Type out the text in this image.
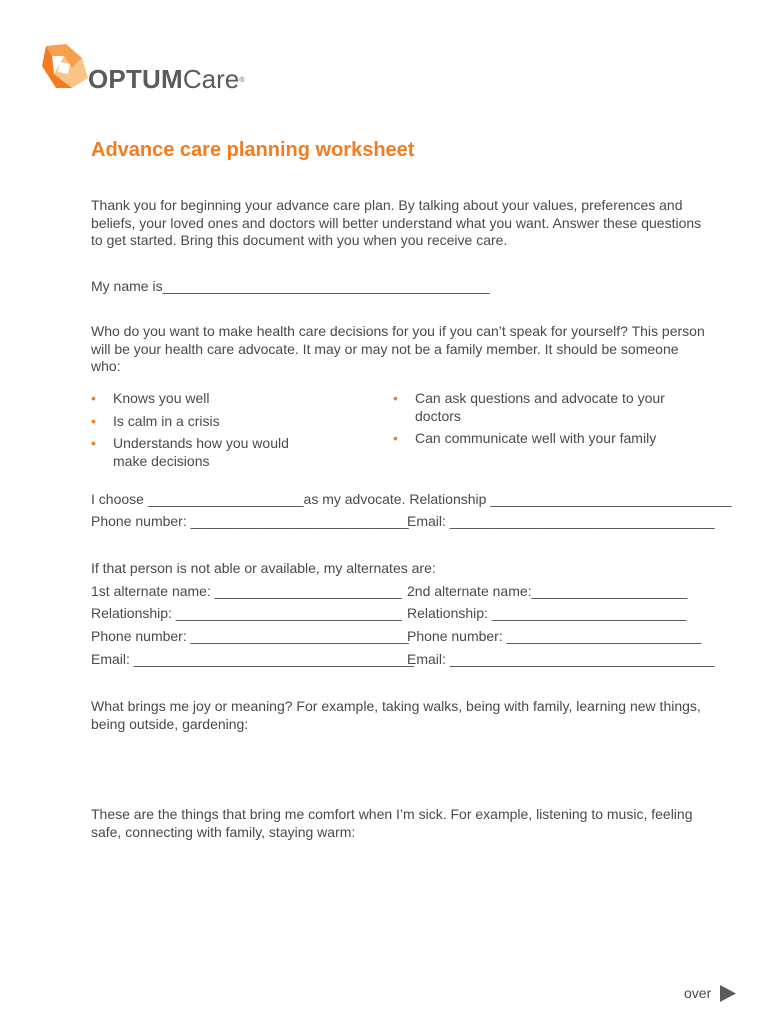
OPTUMCare®
Advance care planning worksheet
Thank you for beginning your advance care plan. By talking about your values, preferences and
beliefs, your loved ones and doctors will better understand what you want. Answer these questions
to get started. Bring this document with you when you receive care.
My name is__________________________________________
Who do you want to make health care decisions for you if you can’t speak for yourself? This person
will be your health care advocate. It may or may not be a family member. It should be someone
who:
• Knows you well
• Is calm in a crisis
• Understands how you would make decisions
• Can ask questions and advocate to your doctors
• Can communicate well with your family
I choose ____________________as my advocate. Relationship _______________________________
Phone number: ____________________________
Email: __________________________________
If that person is not able or available, my alternates are:
1st alternate name: ________________________
Relationship: _____________________________
Phone number: ____________________________
Email: ____________________________________
2nd alternate name:____________________
Relationship: _________________________
Phone number: _________________________
Email: __________________________________
What brings me joy or meaning? For example, taking walks, being with family, learning new things,
being outside, gardening:
These are the things that bring me comfort when I’m sick. For example, listening to music, feeling
safe, connecting with family, staying warm:
over
